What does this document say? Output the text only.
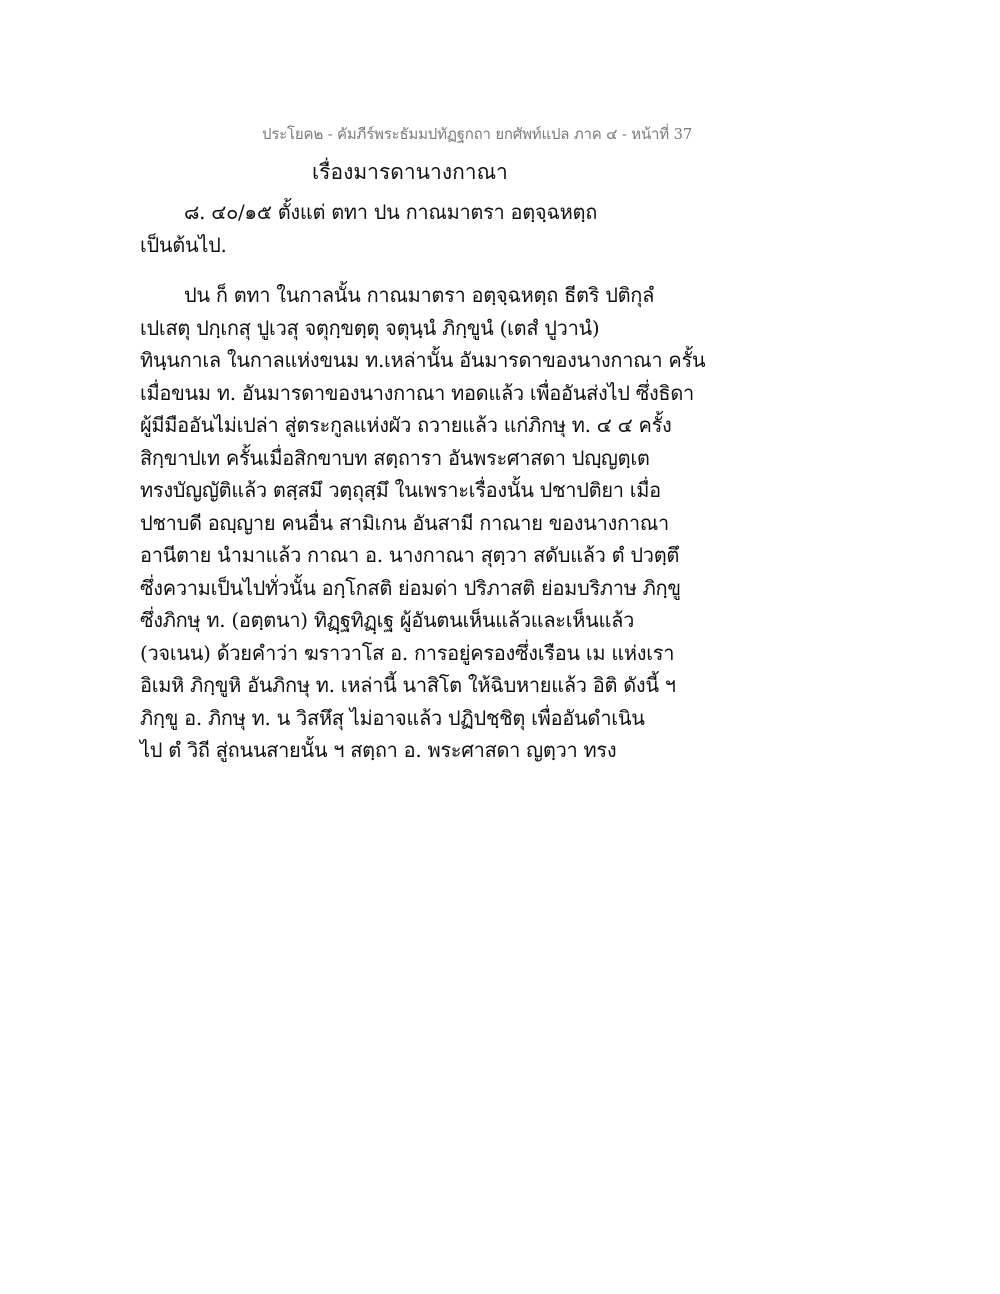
ประโยค๒ - คัมภีร์พระธัมมปทัฏฐกถา ยกศัพท์แปล ภาค ๔ - หน้าที่ 37
เรื่องมารดานางกาณา
๘. ๔๐/๑๕ ตั้งแต่ ตทา ปน กาณมาตรา อตฺจฺฉหตฺถ
เป็นต้นไป.
ปน ก็ ตทา ในกาลนั้น กาณมาตรา อตฺจฺฉหตฺถ ธีตริ ปติกุลํ
เปเสตุ ปกฺเกสุ ปูเวสุ จตุกฺขตฺตุ จตุนฺนํ ภิกฺขูนํ (เตสํ ปูวานํ)
ทินฺนกาเล ในกาลแห่งขนม ท.เหล่านั้น อันมารดาของนางกาณา ครั้น
เมื่อขนม ท. อันมารดาของนางกาณา ทอดแล้ว เพื่ออันส่งไป ซึ่งธิดา
ผู้มีมืออันไม่เปล่า สู่ตระกูลแห่งผัว ถวายแล้ว แก่ภิกษุ ท. ๔ ๔ ครั้ง
สิกฺขาปเท ครั้นเมื่อสิกขาบท สตฺถารา อันพระศาสดา ปญฺญตฺเต
ทรงบัญญัติแล้ว ตสฺสมึ วตฺถุสฺมึ ในเพราะเรื่องนั้น ปชาปติยา เมื่อ
ปชาบดี อญฺญาย คนอื่น สามิเกน อันสามี กาณาย ของนางกาณา
อานีตาย นำมาแล้ว กาณา อ. นางกาณา สุตฺวา สดับแล้ว ตํ ปวตฺตึ
ซึ่งความเป็นไปทั่วนั้น อกฺโกสติ ย่อมด่า ปริภาสติ ย่อมบริภาษ ภิกฺขู
ซึ่งภิกษุ ท. (อตฺตนา) ทิฏฺฐทิฏฺเฐ ผู้อันตนเห็นแล้วและเห็นแล้ว
(วจเนน) ด้วยคำว่า ฆราวาโส อ. การอยู่ครองซึ่งเรือน เม แห่งเรา
อิเมหิ ภิกฺขูหิ อันภิกษุ ท. เหล่านี้ นาสิโต ให้ฉิบหายแล้ว อิติ ดังนี้ ฯ
ภิกฺขู อ. ภิกษุ ท. น วิสหึสุ ไม่อาจแล้ว ปฏิปชฺชิตุ เพื่ออันดำเนิน
ไป ตํ วิถี สู่ถนนสายนั้น ฯ สตฺถา อ. พระศาสดา ญตฺวา ทรง
